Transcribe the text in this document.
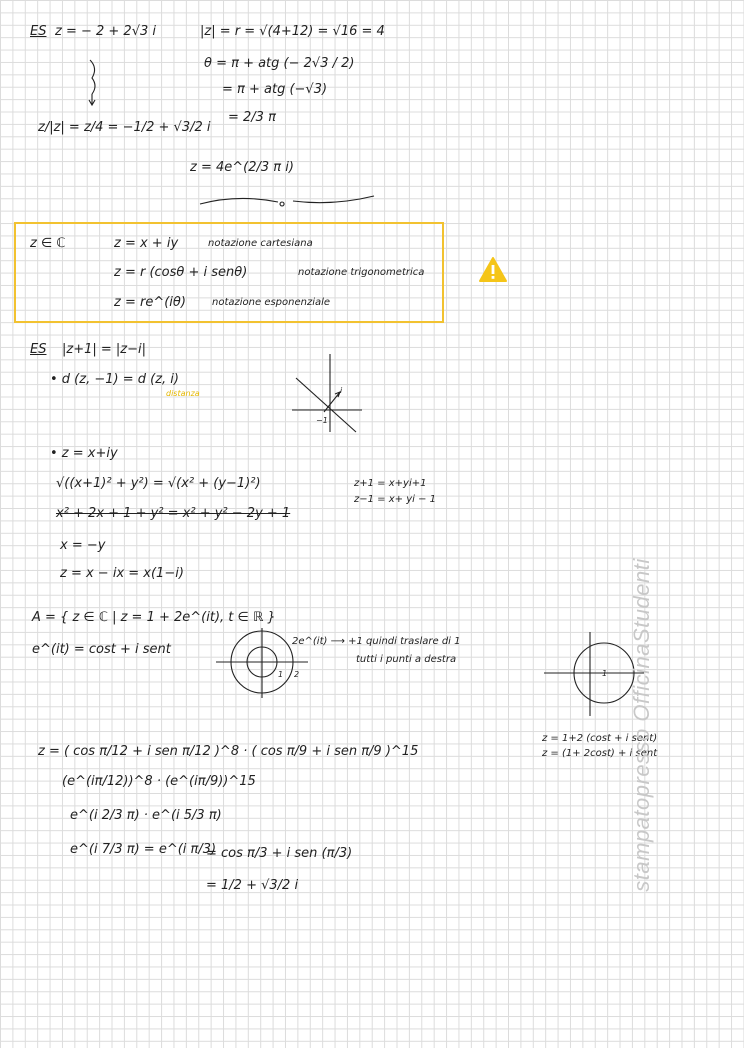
ES z = − 2 + 2√3 i	|z| = r = √(4+12) = √16 = 4
θ = π + atg (− 2√3 / 2)
= π + atg (−√3)
= 2/3 π
z/|z| = z/4 = −1/2 + √3/2 i
z = 4e^(2/3 π i)
z ∈ ℂ	z = x + iy	notazione cartesiana
z = r (cosθ + i senθ)	notazione trigonometrica
z = re^(iθ)	notazione esponenziale
ES |z+1| = |z−i|
• d (z, −1) = d (z, i)
distanza	i
−1
• z = x+iy
√((x+1)² + y²) = √(x² + (y−1)²)
x² + 2x + 1 + y² = x² + y² − 2y + 1
x = −y
z = x − ix = x(1−i)
z+1 = x+yi+1
z−1 = x+ yi − 1
A = { z ∈ ℂ | z = 1 + 2e^(it), t ∈ ℝ }
e^(it) = cost + i sent
1 2
2e^(it) ⟶ +1 quindi traslare di 1
tutti i punti a destra
1
z = 1+2 (cost + i sent)
z = (1+ 2cost) + i sent
z = ( cos π/12 + i sen π/12 )^8 · ( cos π/9 + i sen π/9 )^15
(e^(iπ/12))^8 · (e^(iπ/9))^15
e^(i 2/3 π) · e^(i 5/3 π)
e^(i 7/3 π) = e^(i π/3)
= cos π/3 + i sen (π/3)
= 1/2 + √3/2 i	stampatopresso OfficinaStudenti
